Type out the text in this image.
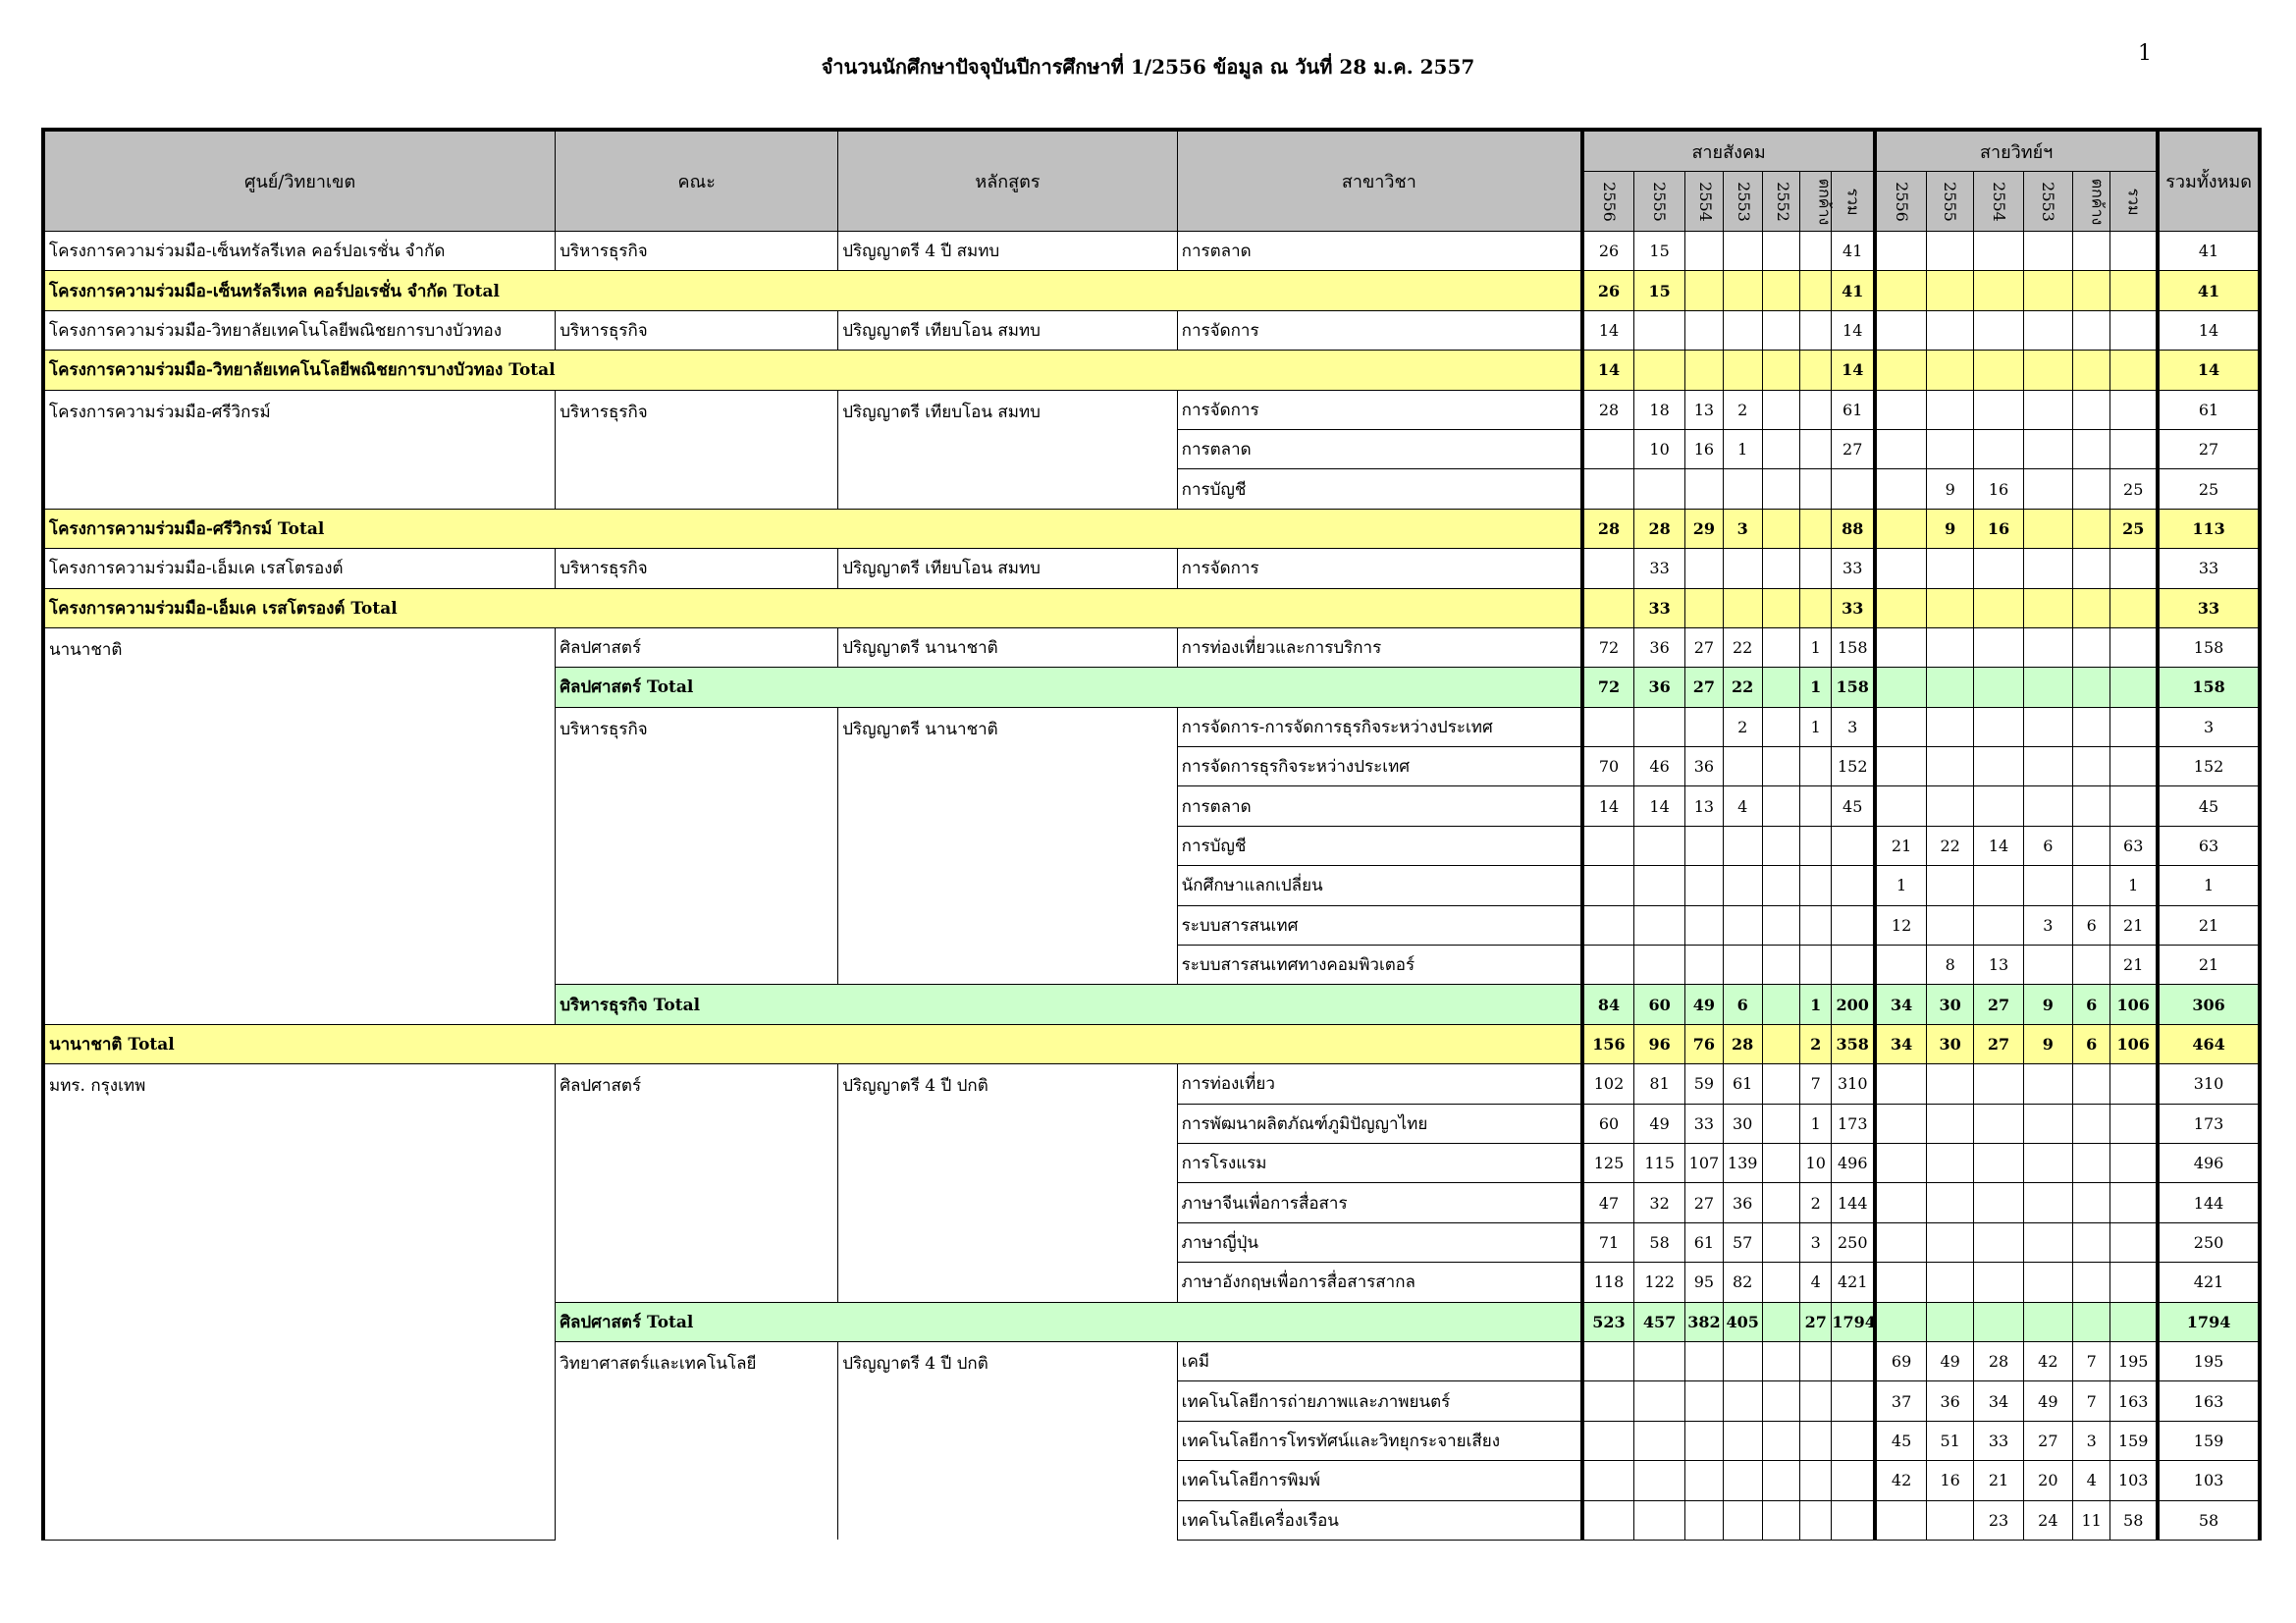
จำนวนนักศึกษาปัจจุบันปีการศึกษาที่ 1/2556 ข้อมูล ณ วันที่ 28 ม.ค. 2557
1
ศูนย์/วิทยาเขต	คณะ	หลักสูตร	สาขาวิชา	สายสังคม							สายวิทย์ฯ						รวมทั้งหมด
				2556	2555	2554	2553	2552	ตกค้าง	รวม	2556	2555	2554	2553	ตกค้าง	รวม	
โครงการความร่วมมือ-เซ็นทรัลรีเทล คอร์ปอเรชั่น จำกัด	บริหารธุรกิจ	ปริญญาตรี 4 ปี สมทบ	การตลาด	26	15					41							41
โครงการความร่วมมือ-เซ็นทรัลรีเทล คอร์ปอเรชั่น จำกัด Total				26	15					41							41
โครงการความร่วมมือ-วิทยาลัยเทคโนโลยีพณิชยการบางบัวทอง	บริหารธุรกิจ	ปริญญาตรี เทียบโอน สมทบ	การจัดการ	14						14							14
โครงการความร่วมมือ-วิทยาลัยเทคโนโลยีพณิชยการบางบัวทอง Total				14						14							14
โครงการความร่วมมือ-ศรีวิกรม์	บริหารธุรกิจ	ปริญญาตรี เทียบโอน สมทบ	การจัดการ	28	18	13	2			61							61
			การตลาด		10	16	1			27							27
			การบัญชี									9	16			25	25
โครงการความร่วมมือ-ศรีวิกรม์ Total				28	28	29	3			88		9	16			25	113
โครงการความร่วมมือ-เอ็มเค เรสโตรองต์	บริหารธุรกิจ	ปริญญาตรี เทียบโอน สมทบ	การจัดการ		33					33							33
โครงการความร่วมมือ-เอ็มเค เรสโตรองต์ Total					33					33							33
นานาชาติ	ศิลปศาสตร์	ปริญญาตรี นานาชาติ	การท่องเที่ยวและการบริการ	72	36	27	22		1	158							158
	ศิลปศาสตร์ Total			72	36	27	22		1	158							158
	บริหารธุรกิจ	ปริญญาตรี นานาชาติ	การจัดการ-การจัดการธุรกิจระหว่างประเทศ				2		1	3							3
			การจัดการธุรกิจระหว่างประเทศ	70	46	36				152							152
			การตลาด	14	14	13	4			45							45
			การบัญชี								21	22	14	6		63	63
			นักศึกษาแลกเปลี่ยน								1					1	1
			ระบบสารสนเทศ								12			3	6	21	21
			ระบบสารสนเทศทางคอมพิวเตอร์									8	13			21	21
	บริหารธุรกิจ Total			84	60	49	6		1	200	34	30	27	9	6	106	306
นานาชาติ Total				156	96	76	28		2	358	34	30	27	9	6	106	464
มทร. กรุงเทพ	ศิลปศาสตร์	ปริญญาตรี 4 ปี ปกติ	การท่องเที่ยว	102	81	59	61		7	310							310
			การพัฒนาผลิตภัณฑ์ภูมิปัญญาไทย	60	49	33	30		1	173							173
			การโรงแรม	125	115	107	139		10	496							496
			ภาษาจีนเพื่อการสื่อสาร	47	32	27	36		2	144							144
			ภาษาญี่ปุ่น	71	58	61	57		3	250							250
			ภาษาอังกฤษเพื่อการสื่อสารสากล	118	122	95	82		4	421							421
	ศิลปศาสตร์ Total			523	457	382	405		27	1794							1794
	วิทยาศาสตร์และเทคโนโลยี	ปริญญาตรี 4 ปี ปกติ	เคมี								69	49	28	42	7	195	195
			เทคโนโลยีการถ่ายภาพและภาพยนตร์								37	36	34	49	7	163	163
			เทคโนโลยีการโทรทัศน์และวิทยุกระจายเสียง								45	51	33	27	3	159	159
			เทคโนโลยีการพิมพ์								42	16	21	20	4	103	103
			เทคโนโลยีเครื่องเรือน										23	24	11	58	58
